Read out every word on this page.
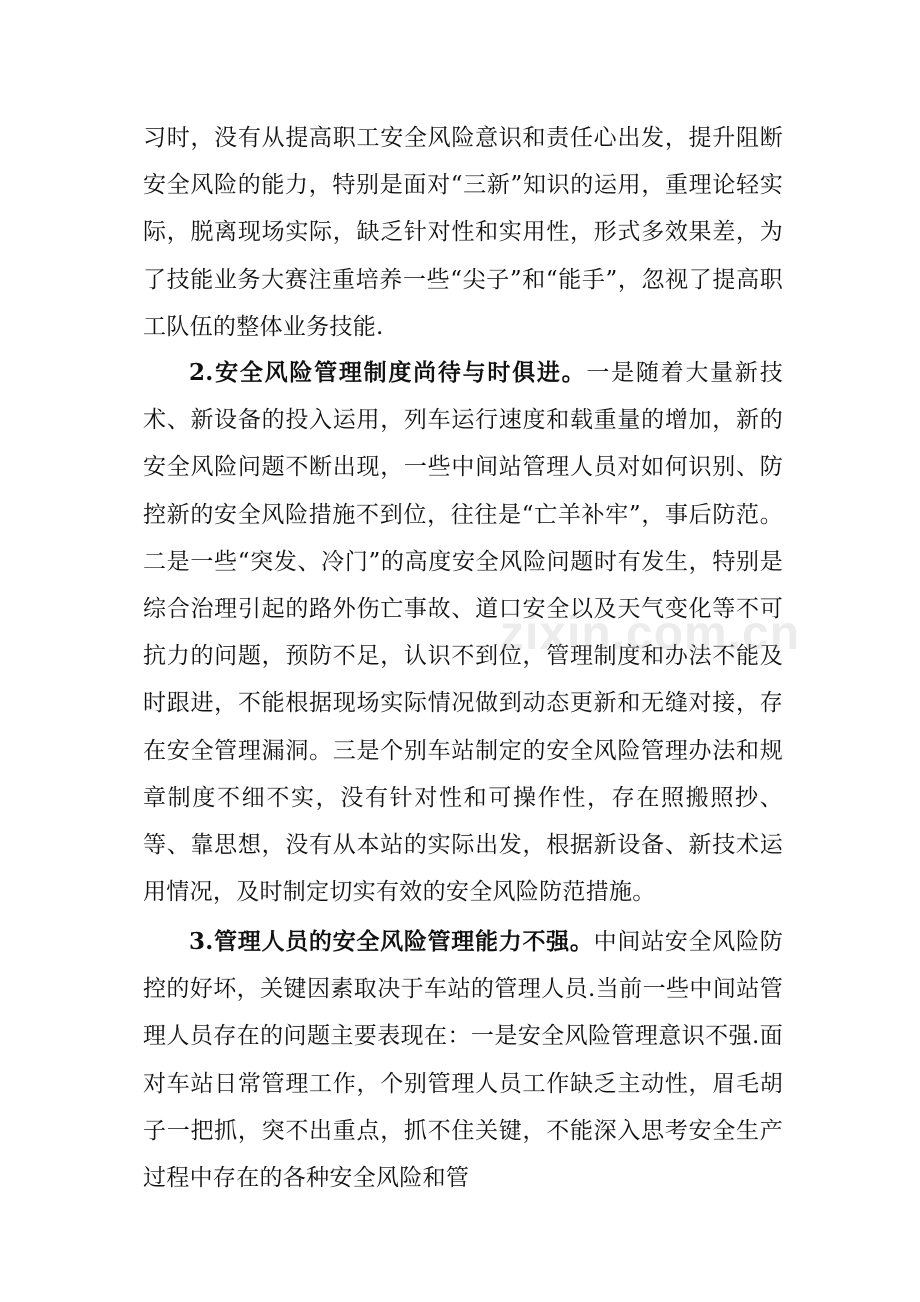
习时，没有从提高职工安全风险意识和责任心出发，提升阻断安全风险的能力，特别是面对“三新”知识的运用，重理论轻实际，脱离现场实际，缺乏针对性和实用性，形式多效果差，为了技能业务大赛注重培养一些“尖子”和“能手”，忽视了提高职工队伍的整体业务技能.

2.安全风险管理制度尚待与时俱进。一是随着大量新技术、新设备的投入运用，列车运行速度和载重量的增加，新的安全风险问题不断出现，一些中间站管理人员对如何识别、防控新的安全风险措施不到位，往往是“亡羊补牢”，事后防范。二是一些“突发、冷门”的高度安全风险问题时有发生，特别是综合治理引起的路外伤亡事故、道口安全以及天气变化等不可抗力的问题，预防不足，认识不到位，管理制度和办法不能及时跟进，不能根据现场实际情况做到动态更新和无缝对接，存在安全管理漏洞。三是个别车站制定的安全风险管理办法和规章制度不细不实，没有针对性和可操作性，存在照搬照抄、等、靠思想，没有从本站的实际出发，根据新设备、新技术运用情况，及时制定切实有效的安全风险防范措施。

3.管理人员的安全风险管理能力不强。中间站安全风险防控的好坏，关键因素取决于车站的管理人员.当前一些中间站管理人员存在的问题主要表现在：一是安全风险管理意识不强.面对车站日常管理工作，个别管理人员工作缺乏主动性，眉毛胡子一把抓，突不出重点，抓不住关键，不能深入思考安全生产过程中存在的各种安全风险和管

zixin.com.cn
